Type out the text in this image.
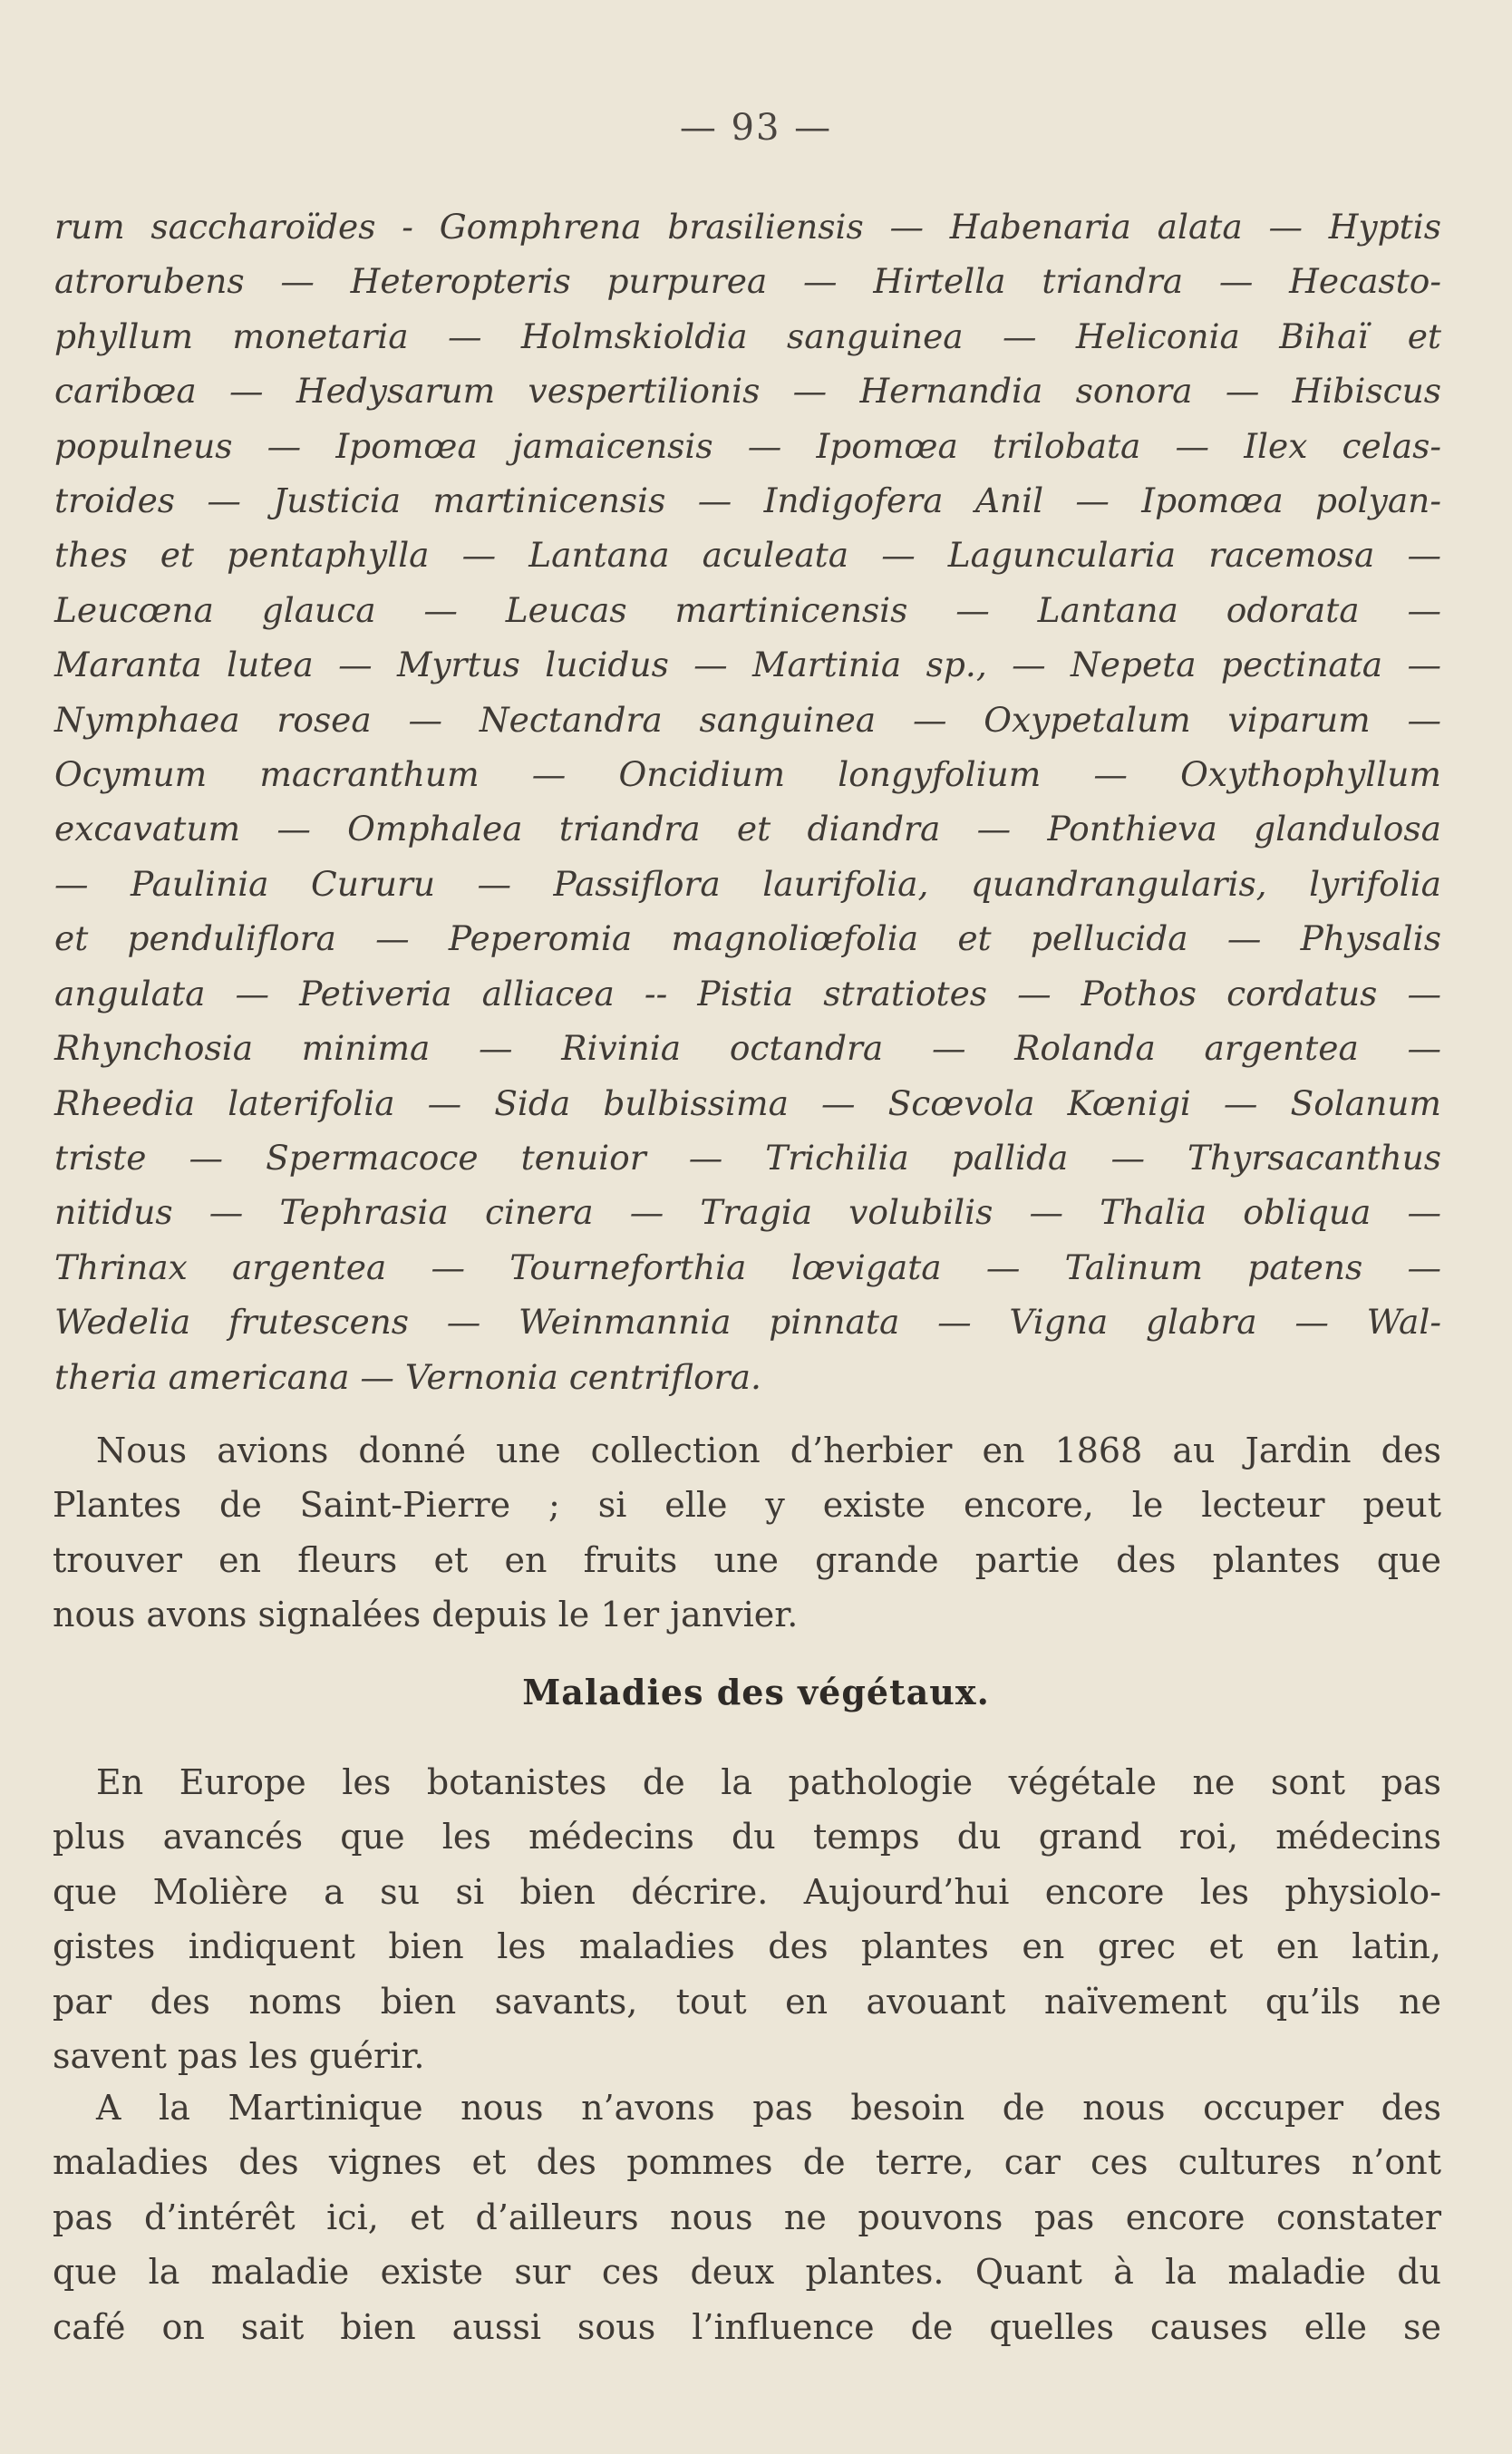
— 93 —
rum saccharoïdes - Gomphrena brasiliensis — Habenaria alata — Hyptis
atrorubens — Heteropteris purpurea — Hirtella triandra — Hecasto-
phyllum monetaria — Holmskioldia sanguinea — Heliconia Bihaï et
caribœa — Hedysarum vespertilionis — Hernandia sonora — Hibiscus
populneus — Ipomœa jamaicensis — Ipomœa trilobata — Ilex celas-
troides — Justicia martinicensis — Indigofera Anil — Ipomœa polyan-
thes et pentaphylla — Lantana aculeata — Laguncularia racemosa —
Leucœna glauca — Leucas martinicensis — Lantana odorata —
Maranta lutea — Myrtus lucidus — Martinia sp., — Nepeta pectinata —
Nymphaea rosea — Nectandra sanguinea — Oxypetalum viparum —
Ocymum macranthum — Oncidium longyfolium — Oxythophyllum
excavatum — Omphalea triandra et diandra — Ponthieva glandulosa
— Paulinia Cururu — Passiflora laurifolia, quandrangularis, lyrifolia
et penduliflora — Peperomia magnoliœfolia et pellucida — Physalis
angulata — Petiveria alliacea -- Pistia stratiotes — Pothos cordatus —
Rhynchosia minima — Rivinia octandra — Rolanda argentea —
Rheedia laterifolia — Sida bulbissima — Scœvola Kœnigi — Solanum
triste — Spermacoce tenuior — Trichilia pallida — Thyrsacanthus
nitidus — Tephrasia cinera — Tragia volubilis — Thalia obliqua —
Thrinax argentea — Tourneforthia lœvigata — Talinum patens —
Wedelia frutescens — Weinmannia pinnata — Vigna glabra — Wal-
theria americana — Vernonia centriflora.
Nous avions donné une collection d’herbier en 1868 au Jardin des
Plantes de Saint-Pierre ; si elle y existe encore, le lecteur peut
trouver en fleurs et en fruits une grande partie des plantes que
nous avons signalées depuis le 1er janvier.
Maladies des végétaux.
En Europe les botanistes de la pathologie végétale ne sont pas
plus avancés que les médecins du temps du grand roi, médecins
que Molière a su si bien décrire. Aujourd’hui encore les physiolo-
gistes indiquent bien les maladies des plantes en grec et en latin,
par des noms bien savants, tout en avouant naïvement qu’ils ne
savent pas les guérir.
A la Martinique nous n’avons pas besoin de nous occuper des
maladies des vignes et des pommes de terre, car ces cultures n’ont
pas d’intérêt ici, et d’ailleurs nous ne pouvons pas encore constater
que la maladie existe sur ces deux plantes. Quant à la maladie du
café on sait bien aussi sous l’influence de quelles causes elle se
